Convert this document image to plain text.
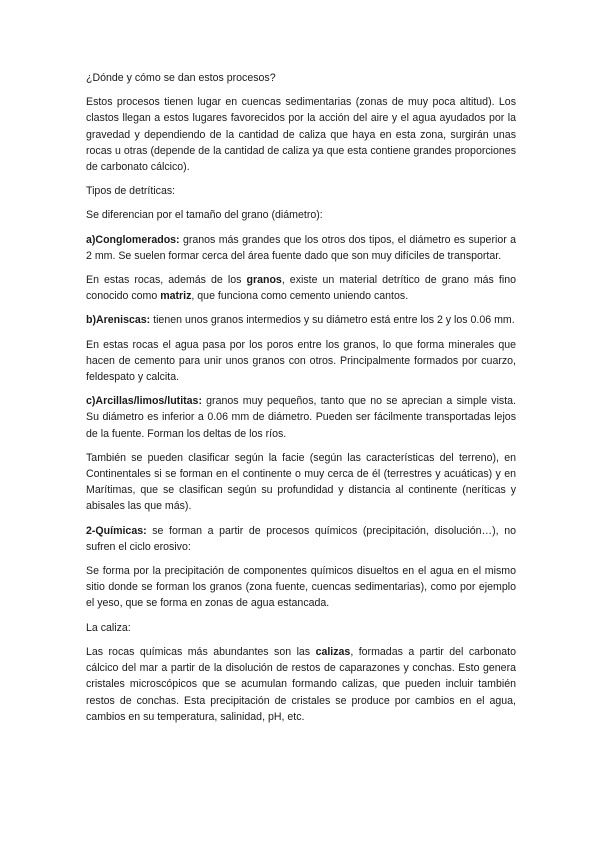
¿Dónde y cómo se dan estos procesos?

Estos procesos tienen lugar en cuencas sedimentarias (zonas de muy poca altitud). Los clastos llegan a estos lugares favorecidos por la acción del aire y el agua ayudados por la gravedad y dependiendo de la cantidad de caliza que haya en esta zona, surgirán unas rocas u otras (depende de la cantidad de caliza ya que esta contiene grandes proporciones de carbonato cálcico).

Tipos de detríticas:

Se diferencian por el tamaño del grano (diámetro):

a)Conglomerados: granos más grandes que los otros dos tipos, el diámetro es superior a 2 mm. Se suelen formar cerca del área fuente dado que son muy difíciles de transportar.

En estas rocas, además de los granos, existe un material detrítico de grano más fino conocido como matriz, que funciona como cemento uniendo cantos.

b)Areniscas: tienen unos granos intermedios y su diámetro está entre los 2 y los 0.06 mm.

En estas rocas el agua pasa por los poros entre los granos, lo que forma minerales que hacen de cemento para unir unos granos con otros. Principalmente formados por cuarzo, feldespato y calcita.

c)Arcillas/limos/lutitas: granos muy pequeños, tanto que no se aprecian a simple vista. Su diámetro es inferior a 0.06 mm de diámetro. Pueden ser fácilmente transportadas lejos de la fuente. Forman los deltas de los ríos.

También se pueden clasificar según la facie (según las características del terreno), en Continentales si se forman en el continente o muy cerca de él (terrestres y acuáticas) y en Marítimas, que se clasifican según su profundidad y distancia al continente (neríticas y abisales las que más).

2-Químicas: se forman a partir de procesos químicos (precipitación, disolución…), no sufren el ciclo erosivo:

Se forma por la precipitación de componentes químicos disueltos en el agua en el mismo sitio donde se forman los granos (zona fuente, cuencas sedimentarias), como por ejemplo el yeso, que se forma en zonas de agua estancada.

La caliza:

Las rocas químicas más abundantes son las calizas, formadas a partir del carbonato cálcico del mar a partir de la disolución de restos de caparazones y conchas. Esto genera cristales microscópicos que se acumulan formando calizas, que pueden incluir también restos de conchas. Esta precipitación de cristales se produce por cambios en el agua, cambios en su temperatura, salinidad, pH, etc.
